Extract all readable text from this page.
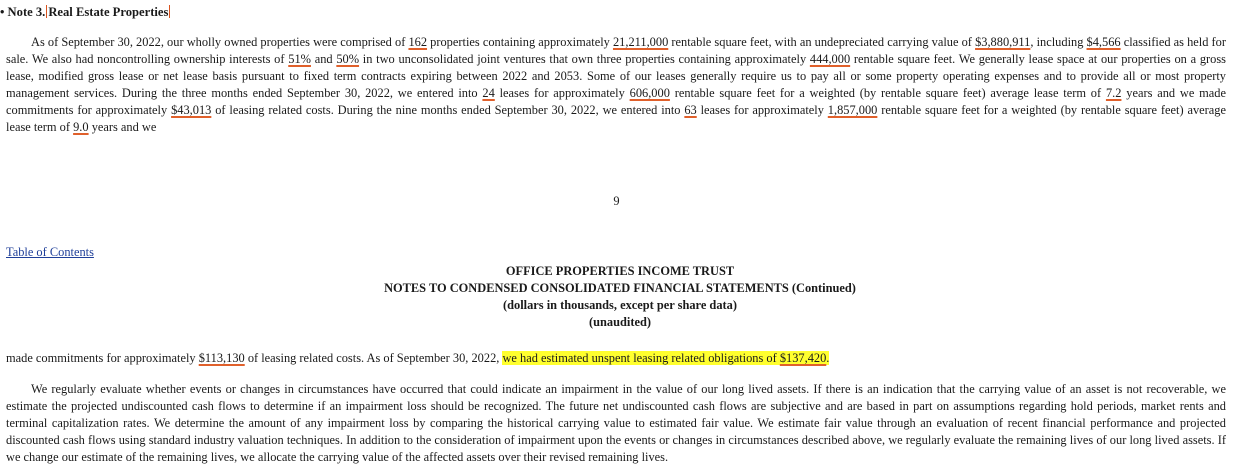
• Note 3. Real Estate Properties

As of September 30, 2022, our wholly owned properties were comprised of 162 properties containing approximately 21,211,000 rentable square feet, with an undepreciated carrying value of $3,880,911, including $4,566 classified as held for sale. We also had noncontrolling ownership interests of 51% and 50% in two unconsolidated joint ventures that own three properties containing approximately 444,000 rentable square feet. We generally lease space at our properties on a gross lease, modified gross lease or net lease basis pursuant to fixed term contracts expiring between 2022 and 2053. Some of our leases generally require us to pay all or some property operating expenses and to provide all or most property management services. During the three months ended September 30, 2022, we entered into 24 leases for approximately 606,000 rentable square feet for a weighted (by rentable square feet) average lease term of 7.2 years and we made commitments for approximately $43,013 of leasing related costs. During the nine months ended September 30, 2022, we entered into 63 leases for approximately 1,857,000 rentable square feet for a weighted (by rentable square feet) average lease term of 9.0 years and we

9
Table of Contents
OFFICE PROPERTIES INCOME TRUST
NOTES TO CONDENSED CONSOLIDATED FINANCIAL STATEMENTS (Continued)
(dollars in thousands, except per share data)
(unaudited)

made commitments for approximately $113,130 of leasing related costs. As of September 30, 2022, we had estimated unspent leasing related obligations of $137,420.

We regularly evaluate whether events or changes in circumstances have occurred that could indicate an impairment in the value of our long lived assets. If there is an indication that the carrying value of an asset is not recoverable, we estimate the projected undiscounted cash flows to determine if an impairment loss should be recognized. The future net undiscounted cash flows are subjective and are based in part on assumptions regarding hold periods, market rents and terminal capitalization rates. We determine the amount of any impairment loss by comparing the historical carrying value to estimated fair value. We estimate fair value through an evaluation of recent financial performance and projected discounted cash flows using standard industry valuation techniques. In addition to the consideration of impairment upon the events or changes in circumstances described above, we regularly evaluate the remaining lives of our long lived assets. If we change our estimate of the remaining lives, we allocate the carrying value of the affected assets over their revised remaining lives.
